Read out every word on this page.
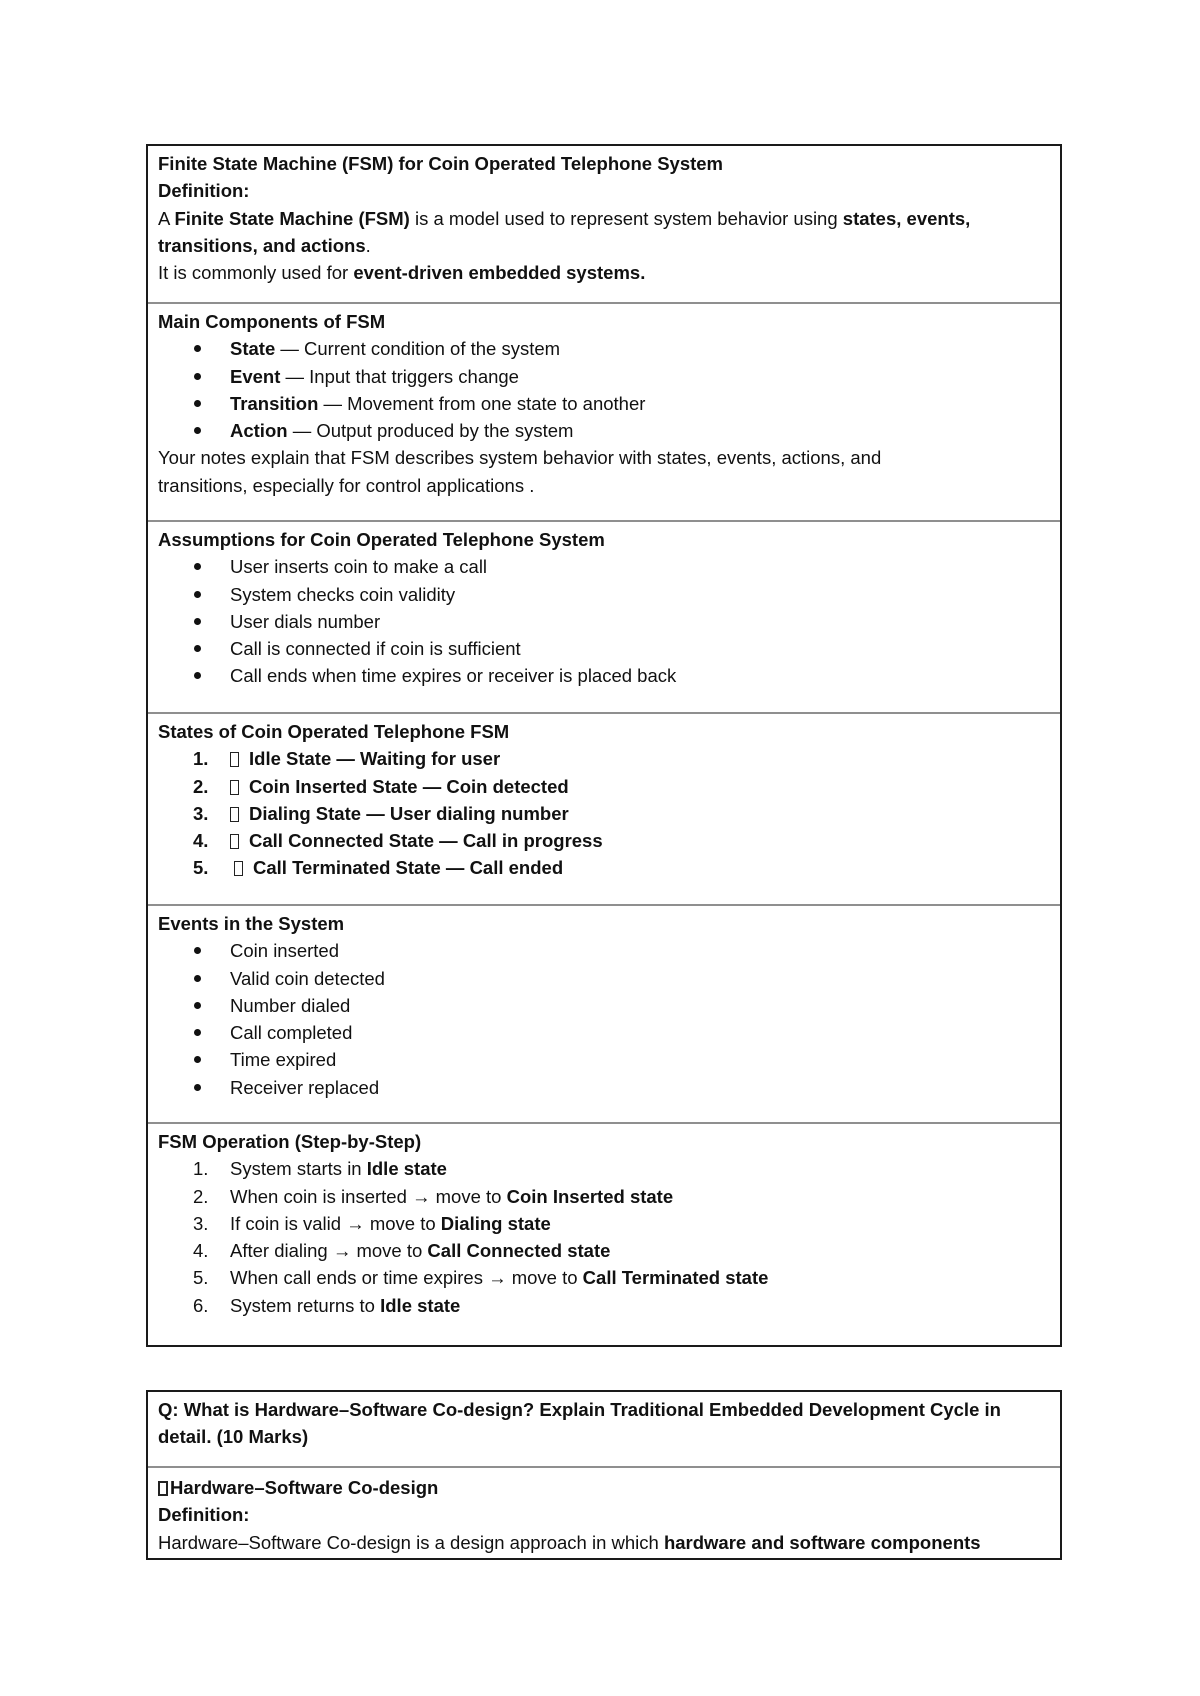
Finite State Machine (FSM) for Coin Operated Telephone System
Definition:
A Finite State Machine (FSM) is a model used to represent system behavior using states, events,
transitions, and actions.
It is commonly used for event-driven embedded systems.
Main Components of FSM
State — Current condition of the system
Event — Input that triggers change
Transition — Movement from one state to another
Action — Output produced by the system
Your notes explain that FSM describes system behavior with states, events, actions, and
transitions, especially for control applications .
Assumptions for Coin Operated Telephone System
User inserts coin to make a call
System checks coin validity
User dials number
Call is connected if coin is sufficient
Call ends when time expires or receiver is placed back
States of Coin Operated Telephone FSM
1.	Idle State — Waiting for user
2.	Coin Inserted State — Coin detected
3.	Dialing State — User dialing number
4.	Call Connected State — Call in progress
5.	Call Terminated State — Call ended
Events in the System
Coin inserted
Valid coin detected
Number dialed
Call completed
Time expired
Receiver replaced
FSM Operation (Step-by-Step)
1.	System starts in Idle state
2.	When coin is inserted → move to Coin Inserted state
3.	If coin is valid → move to Dialing state
4.	After dialing → move to Call Connected state
5.	When call ends or time expires → move to Call Terminated state
6.	System returns to Idle state
Q: What is Hardware–Software Co-design? Explain Traditional Embedded Development Cycle in
detail. (10 Marks)
Hardware–Software Co-design
Definition:
Hardware–Software Co-design is a design approach in which hardware and software components
